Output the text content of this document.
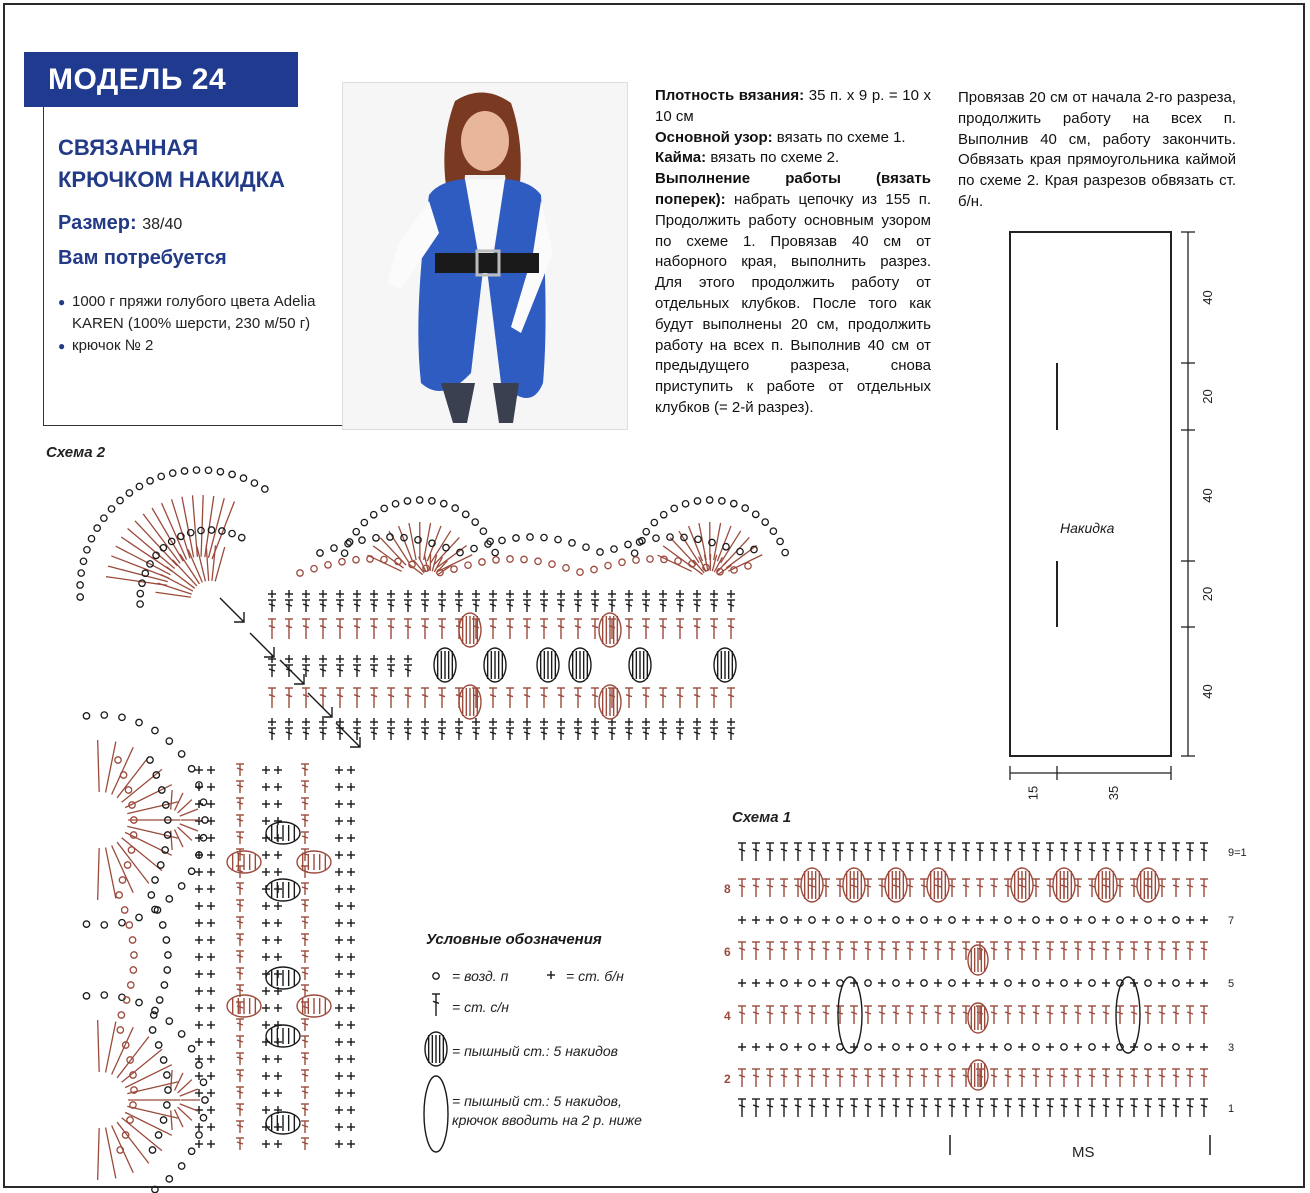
МОДЕЛЬ 24
СВЯЗАННАЯ КРЮЧКОМ НАКИДКА
Размер: 38/40
Вам потребуется
● 1000 г пряжи голубого цвета Adelia KAREN (100% шерсти, 230 м/50 г)
● крючок № 2
Плотность вязания: 35 п. х 9 р. = 10 х 10 см
Основной узор: вязать по схеме 1.
Кайма: вязать по схеме 2.
Выполнение работы (вязать поперек): набрать цепочку из 155 п. Продолжить работу основным узором по схеме 1. Провязав 40 см от наборного края, выполнить разрез. Для этого продолжить работу от отдельных клубков. После того как будут выполнены 20 см, продолжить работу на всех п. Выполнив 40 см от предыдущего разреза, снова приступить к работе от отдельных клубков (= 2-й разрез).
Провязав 20 см от начала 2-го разреза, продолжить работу на всех п. Выполнив 40 см, работу закончить. Обвязать края прямоугольника каймой по схеме 2. Края разрезов обвязать ст. б/н.
40
20
40
20
40
15	35
MS
8
6
4
2
9=1
7
5
3
1
Накидка
Схема 2
Схема 1
Условные обозначения
= возд. п	= ст. б/н
= ст. с/н
= пышный ст.: 5 накидов
= пышный ст.: 5 накидов, крючок вводить на 2 р. ниже
